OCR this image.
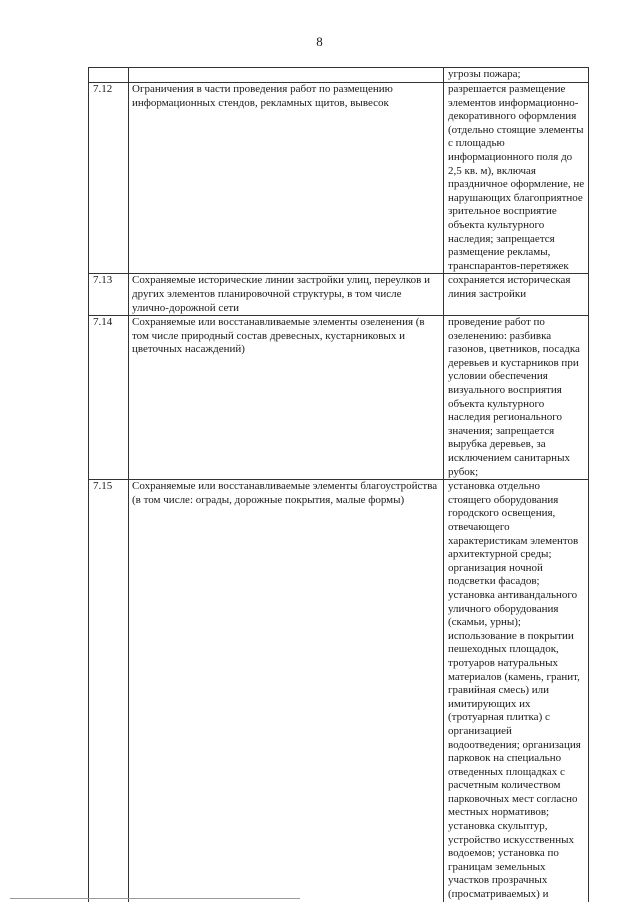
8
		угрозы пожара;
7.12	Ограничения в части проведения работ по размещению информационных стендов, рекламных щитов, вывесок	разрешается размещение элементов информационно-декоративного оформления (отдельно стоящие элементы с площадью информационного поля до 2,5 кв. м), включая праздничное оформление, не нарушающих благоприятное зрительное восприятие объекта культурного наследия; запрещается размещение рекламы, транспарантов-перетяжек
7.13	Сохраняемые исторические линии застройки улиц, переулков и других элементов планировочной структуры, в том числе улично-дорожной сети	сохраняется историческая линия застройки
7.14	Сохраняемые или восстанавливаемые элементы озеленения (в том числе природный состав древесных, кустарниковых и цветочных насаждений)	проведение работ по озеленению: разбивка газонов, цветников, посадка деревьев и кустарников при условии обеспечения визуального восприятия объекта культурного наследия регионального значения; запрещается вырубка деревьев, за исключением санитарных рубок;
7.15	Сохраняемые или восстанавливаемые элементы благоустройства (в том числе: ограды, дорожные покрытия, малые формы)	установка отдельно стоящего оборудования городского освещения, отвечающего характеристикам элементов архитектурной среды; организация ночной подсветки фасадов; установка антивандального уличного оборудования (скамьи, урны); использование в покрытии пешеходных площадок, тротуаров натуральных материалов (камень, гранит, гравийная смесь) или имитирующих их (тротуарная плитка) с организацией водоотведения; организация парковок на специально отведенных площадках с расчетным количеством парковочных мест согласно местных нормативов; установка скульптур, устройство искусственных водоемов; установка по границам земельных участков прозрачных (просматриваемых) и
